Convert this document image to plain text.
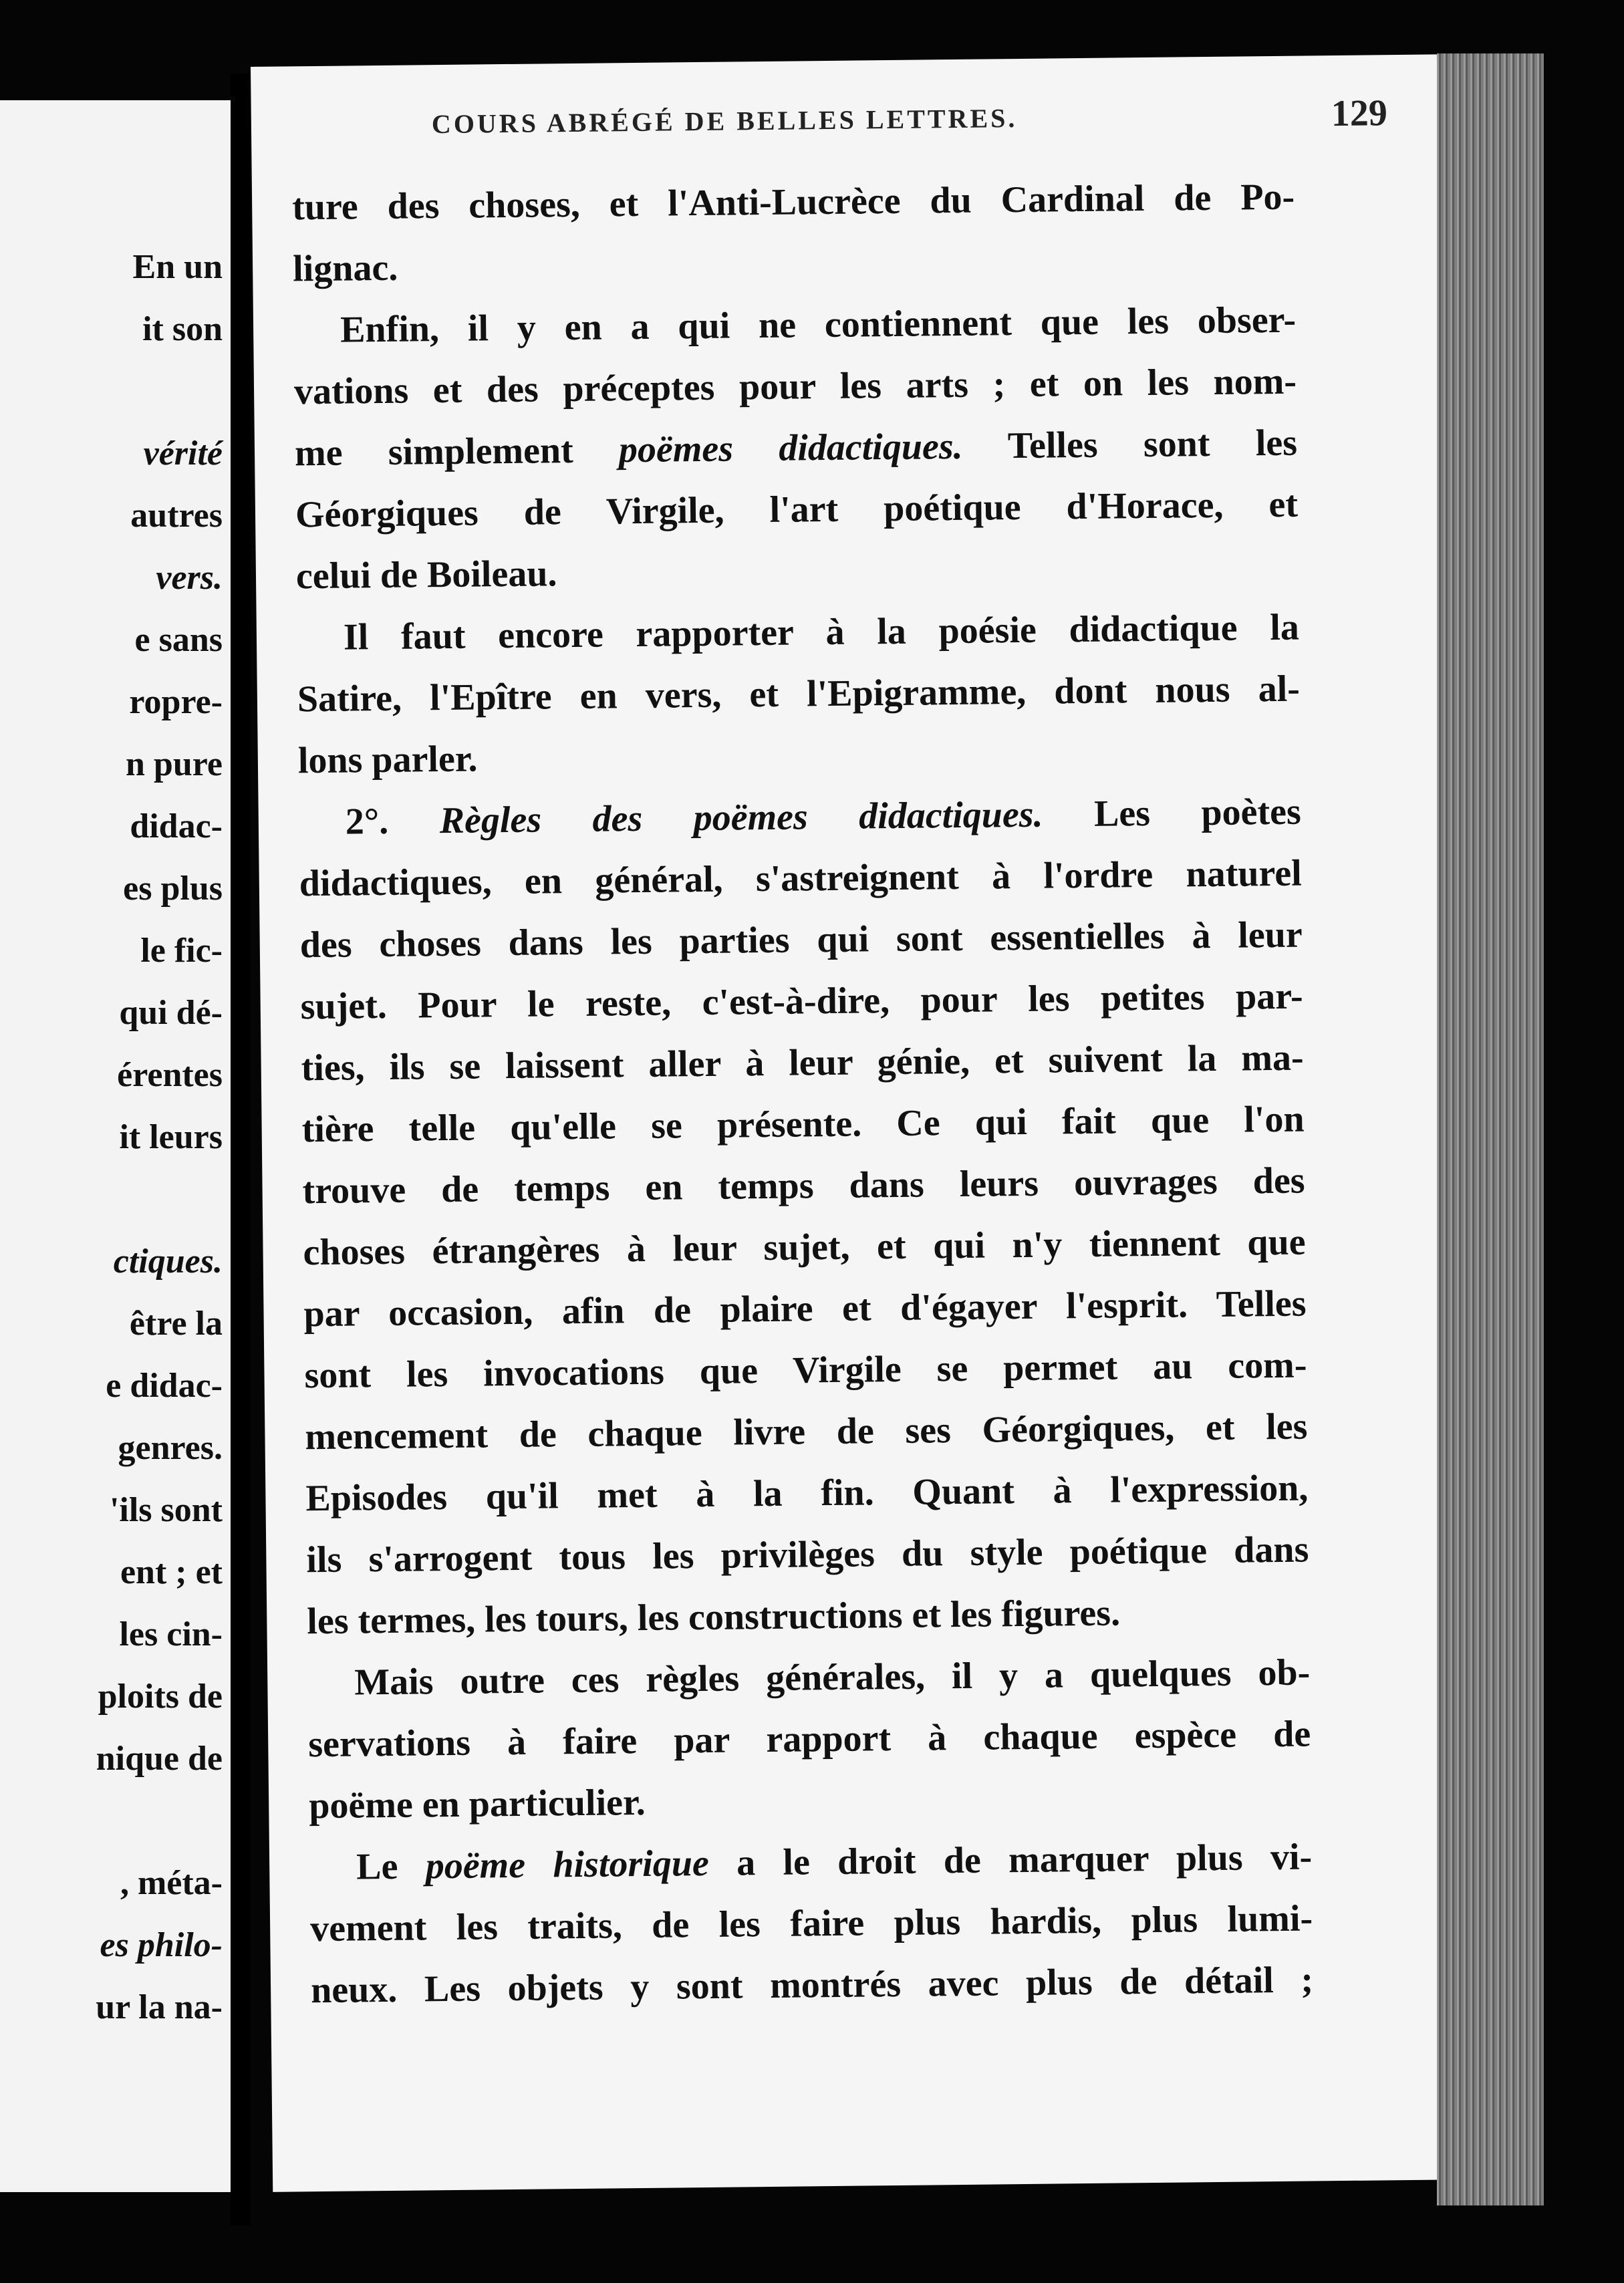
En un
it son
vérité
autres
vers.
e sans
ropre-
n pure
didac-
es plus
le fic-
qui dé-
érentes
it leurs
ctiques.
être la
e didac-
genres.
'ils sont
ent ; et
les cin-
ploits de
nique de
, méta-
es philo-
ur la na-
COURS ABRÉGÉ DE BELLES LETTRES.	129
ture des choses, et l'Anti-Lucrèce du Cardinal de Po-
lignac.
Enfin, il y en a qui ne contiennent que les obser-
vations et des préceptes pour les arts ; et on les nom-
me simplement poëmes didactiques. Telles sont les
Géorgiques de Virgile, l'art poétique d'Horace, et
celui de Boileau.
Il faut encore rapporter à la poésie didactique la
Satire, l'Epître en vers, et l'Epigramme, dont nous al-
lons parler.
2°. Règles des poëmes didactiques. Les poètes
didactiques, en général, s'astreignent à l'ordre naturel
des choses dans les parties qui sont essentielles à leur
sujet. Pour le reste, c'est-à-dire, pour les petites par-
ties, ils se laissent aller à leur génie, et suivent la ma-
tière telle qu'elle se présente. Ce qui fait que l'on
trouve de temps en temps dans leurs ouvrages des
choses étrangères à leur sujet, et qui n'y tiennent que
par occasion, afin de plaire et d'égayer l'esprit. Telles
sont les invocations que Virgile se permet au com-
mencement de chaque livre de ses Géorgiques, et les
Episodes qu'il met à la fin. Quant à l'expression,
ils s'arrogent tous les privilèges du style poétique dans
les termes, les tours, les constructions et les figures.
Mais outre ces règles générales, il y a quelques ob-
servations à faire par rapport à chaque espèce de
poëme en particulier.
Le poëme historique a le droit de marquer plus vi-
vement les traits, de les faire plus hardis, plus lumi-
neux. Les objets y sont montrés avec plus de détail ;
